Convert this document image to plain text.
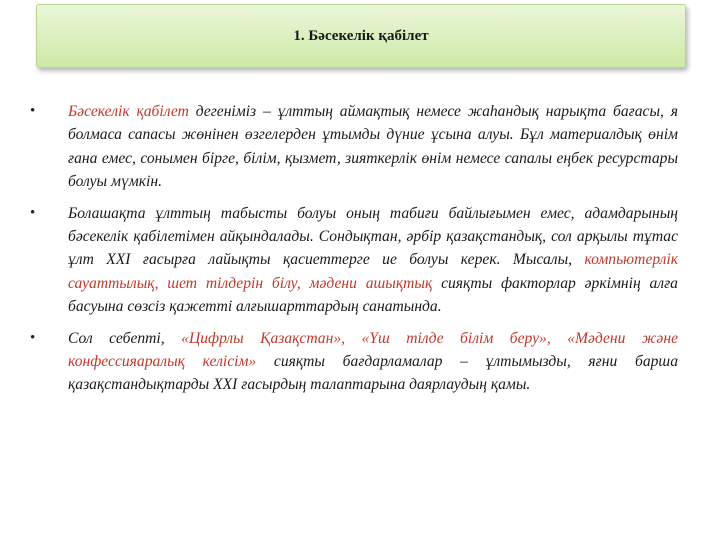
1. Бәсекелік қабілет

• Бәсекелік қабілет дегеніміз – ұлттың аймақтық немесе жаһандық нарықта бағасы, я болмаса сапасы жөнінен өзгелерден ұтымды дүние ұсына алуы. Бұл материалдық өнім ғана емес, сонымен бірге, білім, қызмет, зияткерлік өнім немесе сапалы еңбек ресурстары болуы мүмкін.

• Болашақта ұлттың табысты болуы оның табиғи байлығымен емес, адамдарының бәсекелік қабілетімен айқындалады. Сондықтан, әрбір қазақстандық, сол арқылы тұтас ұлт XXI ғасырға лайықты қасиеттерге ие болуы керек. Мысалы, компьютерлік сауаттылық, шет тілдерін білу, мәдени ашықтық сияқты факторлар әркімнің алға басуына сөзсіз қажетті алғышарттардың санатында.

• Сол себепті, «Цифрлы Қазақстан», «Үш тілде білім беру», «Мәдени және конфессияаралық келісім» сияқты бағдарламалар – ұлтымызды, яғни барша қазақстандықтарды XXI ғасырдың талаптарына даярлаудың қамы.
